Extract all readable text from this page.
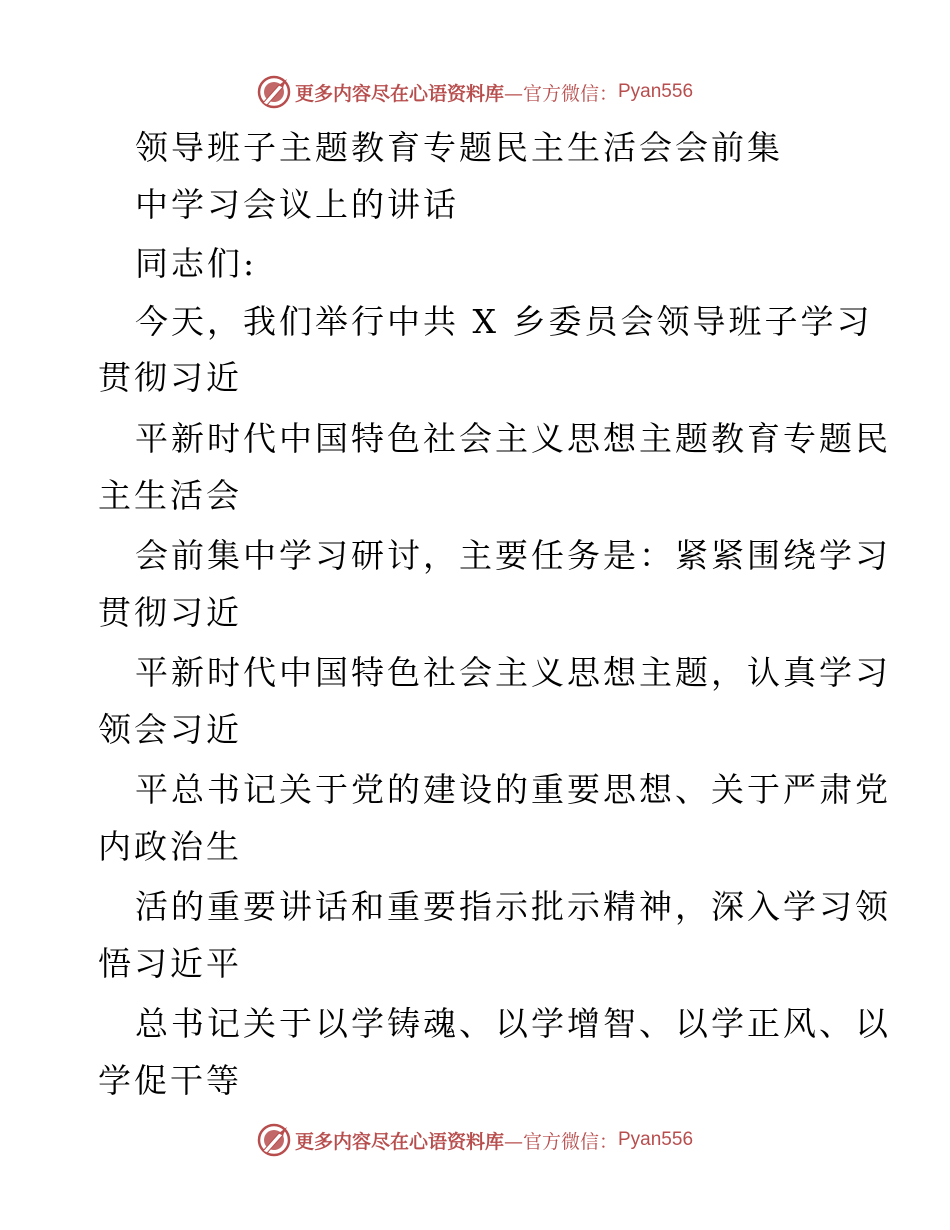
更多内容尽在心语资料库 —官方微信： Pyan556
领导班子主题教育专题民主生活会会前集
中学习会议上的讲话
同志们:
今天，我们举行中共 X 乡委员会领导班子学习
贯彻习近
平新时代中国特色社会主义思想主题教育专题民
主生活会
会前集中学习研讨，主要任务是：紧紧围绕学习
贯彻习近
平新时代中国特色社会主义思想主题，认真学习
领会习近
平总书记关于党的建设的重要思想、关于严肃党
内政治生
活的重要讲话和重要指示批示精神，深入学习领
悟习近平
总书记关于以学铸魂、以学增智、以学正风、以
学促干等
更多内容尽在心语资料库 —官方微信： Pyan556
